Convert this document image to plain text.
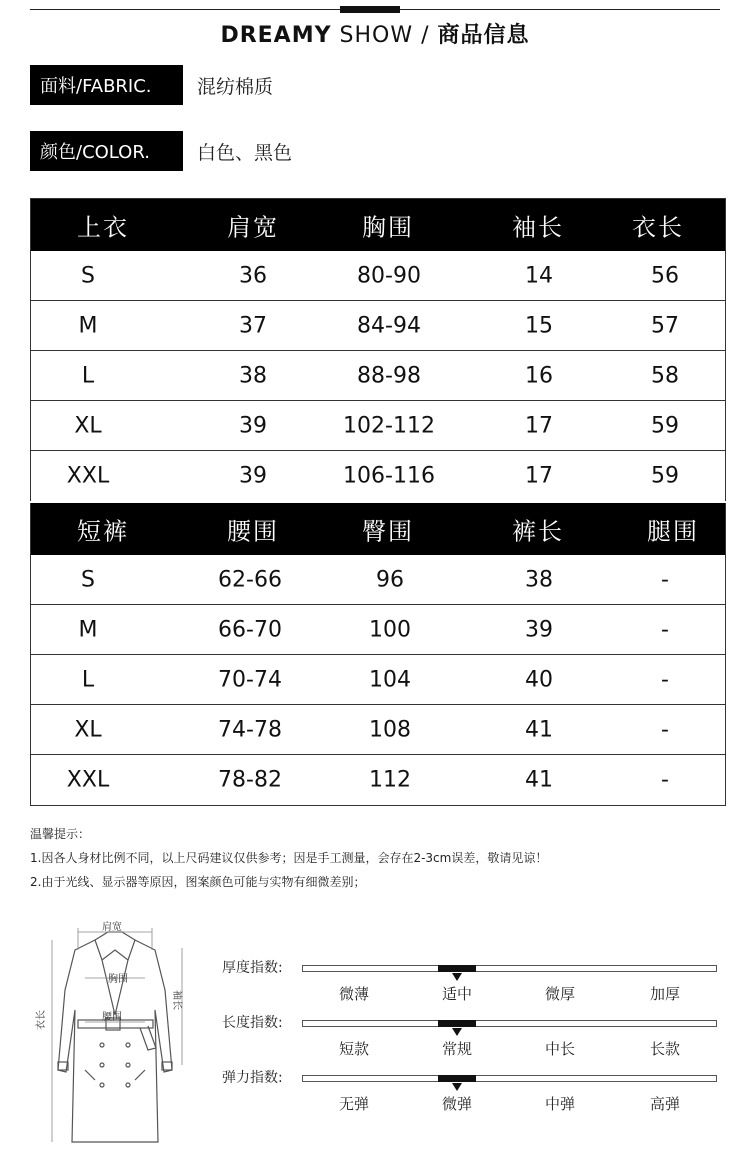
DREAMY SHOW / 商品信息
面料/FABRIC.	混纺棉质
颜色/COLOR.	白色、黑色
上衣	肩宽	胸围	袖长	衣长
S	36	80-90	14	56
M	37	84-94	15	57
L	38	88-98	16	58
XL	39	102-112	17	59
XXL	39	106-116	17	59
短裤	腰围	臀围	裤长	腿围
S	62-66	96	38	-
M	66-70	100	39	-
L	70-74	104	40	-
XL	74-78	108	41	-
XXL	78-82	112	41	-
温馨提示：
1.因各人身材比例不同，以上尺码建议仅供参考；因是手工测量，会存在2-3cm误差，敬请见谅！
2.由于光线、显示器等原因，图案颜色可能与实物有细微差别；
肩宽
胸围
腰围
衣长
袖长
厚度指数:
微薄	适中	微厚	加厚
长度指数:
短款	常规	中长	长款
弹力指数:
无弹	微弹	中弹	高弹
